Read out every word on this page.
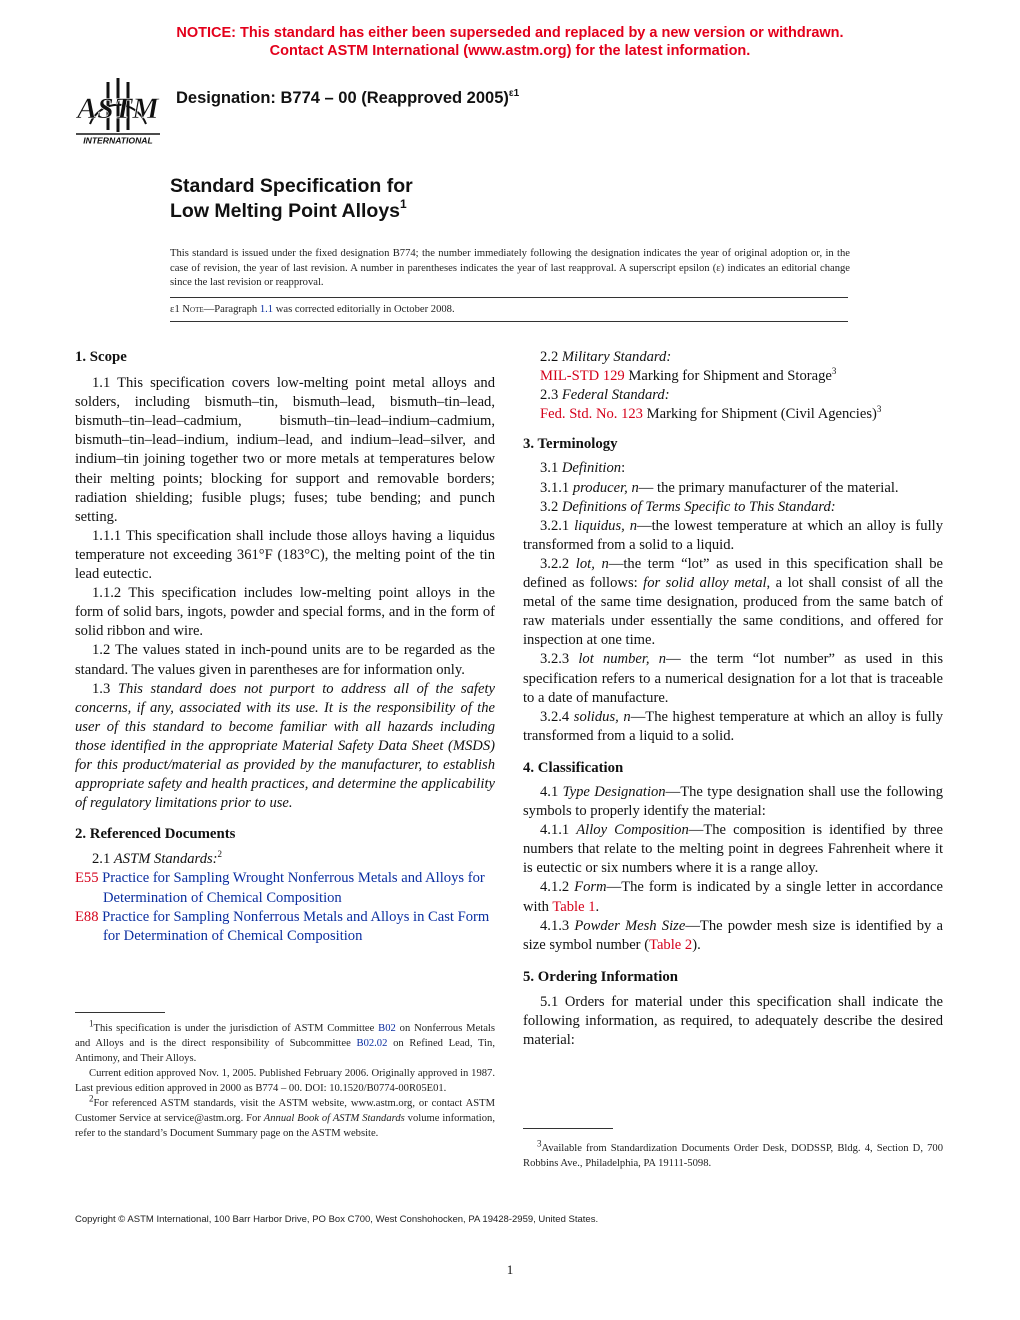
NOTICE: This standard has either been superseded and replaced by a new version or withdrawn.
Contact ASTM International (www.astm.org) for the latest information.
ASTM
INTERNATIONAL
Designation: B774 – 00 (Reapproved 2005)$^{\varepsilon 1}$
Standard Specification for
Low Melting Point Alloys$^1$
This standard is issued under the fixed designation B774; the number immediately following the designation indicates the year of original adoption or, in the case of revision, the year of last revision. A number in parentheses indicates the year of last reapproval. A superscript epsilon (ε) indicates an editorial change since the last revision or reapproval.
ε1 Note—Paragraph 1.1 was corrected editorially in October 2008.
1. Scope

1.1 This specification covers low-melting point metal alloys and solders, including bismuth–tin, bismuth–lead, bismuth–tin–lead, bismuth–tin–lead–cadmium, bismuth–tin–lead–indium–cadmium, bismuth–tin–lead–indium, indium–lead, and indium–lead–silver, and indium–tin joining together two or more metals at temperatures below their melting points; blocking for support and removable borders; radiation shielding; fusible plugs; fuses; tube bending; and punch setting.

1.1.1 This specification shall include those alloys having a liquidus temperature not exceeding 361°F (183°C), the melting point of the tin lead eutectic.

1.1.2 This specification includes low-melting point alloys in the form of solid bars, ingots, powder and special forms, and in the form of solid ribbon and wire.

1.2 The values stated in inch-pound units are to be regarded as the standard. The values given in parentheses are for information only.

1.3 This standard does not purport to address all of the safety concerns, if any, associated with its use. It is the responsibility of the user of this standard to become familiar with all hazards including those identified in the appropriate Material Safety Data Sheet (MSDS) for this product/material as provided by the manufacturer, to establish appropriate safety and health practices, and determine the applicability of regulatory limitations prior to use.

2. Referenced Documents

2.1 ASTM Standards:$^2$

E55 Practice for Sampling Wrought Nonferrous Metals and Alloys for Determination of Chemical Composition

E88 Practice for Sampling Nonferrous Metals and Alloys in Cast Form for Determination of Chemical Composition

2.2 Military Standard:

MIL-STD 129 Marking for Shipment and Storage$^3$

2.3 Federal Standard:

Fed. Std. No. 123 Marking for Shipment (Civil Agencies)$^3$

3. Terminology

3.1 Definition:

3.1.1 producer, n— the primary manufacturer of the material.

3.2 Definitions of Terms Specific to This Standard:

3.2.1 liquidus, n—the lowest temperature at which an alloy is fully transformed from a solid to a liquid.

3.2.2 lot, n—the term “lot” as used in this specification shall be defined as follows: for solid alloy metal, a lot shall consist of all the metal of the same time designation, produced from the same batch of raw materials under essentially the same conditions, and offered for inspection at one time.

3.2.3 lot number, n— the term “lot number” as used in this specification refers to a numerical designation for a lot that is traceable to a date of manufacture.

3.2.4 solidus, n—The highest temperature at which an alloy is fully transformed from a liquid to a solid.

4. Classification

4.1 Type Designation—The type designation shall use the following symbols to properly identify the material:

4.1.1 Alloy Composition—The composition is identified by three numbers that relate to the melting point in degrees Fahrenheit where it is eutectic or six numbers where it is a range alloy.

4.1.2 Form—The form is indicated by a single letter in accordance with Table 1.

4.1.3 Powder Mesh Size—The powder mesh size is identified by a size symbol number (Table 2).

5. Ordering Information

5.1 Orders for material under this specification shall indicate the following information, as required, to adequately describe the desired material:

$^1$This specification is under the jurisdiction of ASTM Committee B02 on Nonferrous Metals and Alloys and is the direct responsibility of Subcommittee B02.02 on Refined Lead, Tin, Antimony, and Their Alloys.

Current edition approved Nov. 1, 2005. Published February 2006. Originally approved in 1987. Last previous edition approved in 2000 as B774 – 00. DOI: 10.1520/B0774-00R05E01.

$^2$For referenced ASTM standards, visit the ASTM website, www.astm.org, or contact ASTM Customer Service at service@astm.org. For Annual Book of ASTM Standards volume information, refer to the standard’s Document Summary page on the ASTM website.

$^3$Available from Standardization Documents Order Desk, DODSSP, Bldg. 4, Section D, 700 Robbins Ave., Philadelphia, PA 19111-5098.

Copyright © ASTM International, 100 Barr Harbor Drive, PO Box C700, West Conshohocken, PA 19428-2959, United States.
1
